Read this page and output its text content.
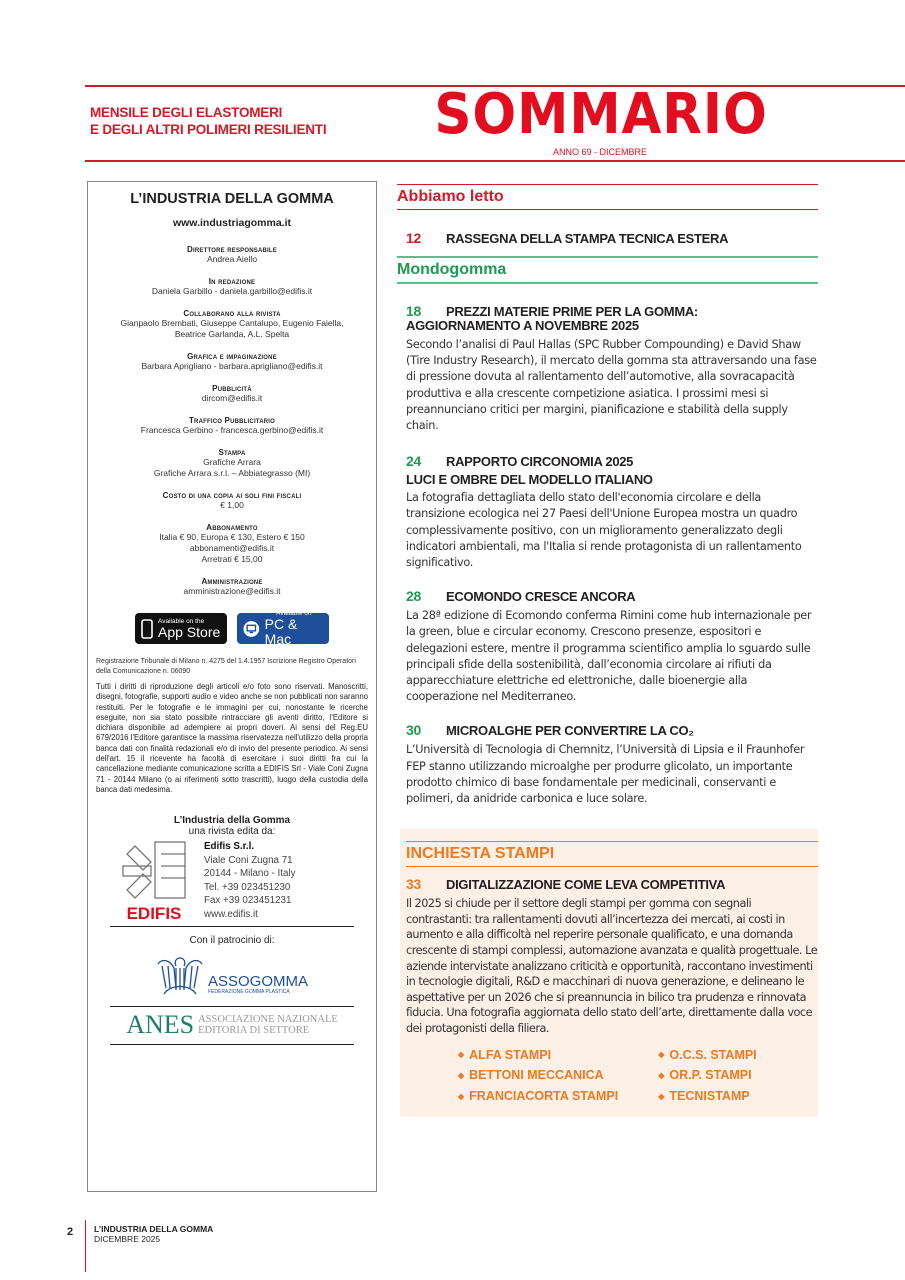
MENSILE DEGLI ELASTOMERI
E DEGLI ALTRI POLIMERI RESILIENTI SOMMARIO
ANNO 69 - DICEMBRE
L’INDUSTRIA DELLA GOMMA
www.industriagomma.it
Direttore responsabile
Andrea Aiello
In redazione
Daniela Garbillo - daniela.garbillo@edifis.it
Collaborano alla rivista
Gianpaolo Brembati, Giuseppe Cantalupo, Eugenio Faiella,
Beatrice Garlanda, A.L. Spelta
Grafica e impaginazione
Barbara Aprigliano - barbara.aprigliano@edifis.it
Pubblicità
dircom@edifis.it
Traffico Pubblicitario
Francesca Gerbino - francesca.gerbino@edifis.it
Stampa
Grafiche Arrara
Grafiche Arrara s.r.l. – Abbiategrasso (MI)
Costo di una copia ai soli fini fiscali
€ 1,00
Abbonamento
Italia € 90, Europa € 130, Estero € 150
abbonamenti@edifis.it
Arretrati € 15,00
Amministrazione
amministrazione@edifis.it
Available on the
App Store
Available on
PC & Mac
Registrazione Tribunale di Milano n. 4275 del 1.4.1957 Iscrizione Registro Operatori della Comunicazione n. 06090
Tutti i diritti di riproduzione degli articoli e/o foto sono riservati. Manoscritti, disegni, fotografie, supporti audio e video anche se non pubblicati non saranno restituiti. Per le fotografie e le immagini per cui, nonostante le ricerche eseguite, non sia stato possibile rintracciare gli aventi diritto, l’Editore si dichiara disponibile ad adempiere ai propri doveri. Ai sensi del Reg.EU 679/2016 l'Editore garantisce la massima riservatezza nell'utilizzo della propria banca dati con finalità redazionali e/o di invio del presente periodico. Ai sensi dell'art. 15 il ricevente ha facoltà di esercitare i suoi diritti fra cui la cancellazione mediante comunicazione scritta a EDIFIS Srl - Viale Coni Zugna 71 - 20144 Milano (o ai riferimenti sotto trascritti), luogo della custodia della banca dati medesima.
L’Industria della Gomma
una rivista edita da:
EDIFIS
Edifis S.r.l.
Viale Coni Zugna 71
20144 - Milano - Italy
Tel. +39 023451230
Fax +39 023451231
www.edifis.it
Con il patrocinio di:
ASSOGOMMA
FEDERAZIONE GOMMA PLASTICA
ANES ASSOCIAZIONE NAZIONALE
EDITORIA DI SETTORE
Abbiamo letto
12 RASSEGNA DELLA STAMPA TECNICA ESTERA
Mondogomma
18 PREZZI MATERIE PRIME PER LA GOMMA:
AGGIORNAMENTO A NOVEMBRE 2025
Secondo l’analisi di Paul Hallas (SPC Rubber Compounding) e David Shaw (Tire Industry Research), il mercato della gomma sta attraversando una fase di pressione dovuta al rallentamento dell’automotive, alla sovracapacità produttiva e alla crescente competizione asiatica. I prossimi mesi si preannunciano critici per margini, pianificazione e stabilità della supply chain.
24 RAPPORTO CIRCONOMIA 2025
LUCI E OMBRE DEL MODELLO ITALIANO
La fotografia dettagliata dello stato dell'economia circolare e della transizione ecologica nei 27 Paesi dell'Unione Europea mostra un quadro complessivamente positivo, con un miglioramento generalizzato degli indicatori ambientali, ma l'Italia si rende protagonista di un rallentamento significativo.
28 ECOMONDO CRESCE ANCORA
La 28ª edizione di Ecomondo conferma Rimini come hub internazionale per la green, blue e circular economy. Crescono presenze, espositori e delegazioni estere, mentre il programma scientifico amplia lo sguardo sulle principali sfide della sostenibilità, dall’economia circolare ai rifiuti da apparecchiature elettriche ed elettroniche, dalle bioenergie alla cooperazione nel Mediterraneo.
30 MICROALGHE PER CONVERTIRE LA CO₂
L’Università di Tecnologia di Chemnitz, l’Università di Lipsia e il Fraunhofer FEP stanno utilizzando microalghe per produrre glicolato, un importante prodotto chimico di base fondamentale per medicinali, conservanti e polimeri, da anidride carbonica e luce solare.
INCHIESTA STAMPI
33 DIGITALIZZAZIONE COME LEVA COMPETITIVA
Il 2025 si chiude per il settore degli stampi per gomma con segnali contrastanti: tra rallentamenti dovuti all’incertezza dei mercati, ai costi in aumento e alla difficoltà nel reperire personale qualificato, e una domanda crescente di stampi complessi, automazione avanzata e qualità progettuale. Le aziende intervistate analizzano criticità e opportunità, raccontano investimenti in tecnologie digitali, R&D e macchinari di nuova generazione, e delineano le aspettative per un 2026 che si preannuncia in bilico tra prudenza e rinnovata fiducia. Una fotografia aggiornata dello stato dell’arte, direttamente dalla voce dei protagonisti della filiera.
◆ ALFA STAMPI
◆ BETTONI MECCANICA
◆ FRANCIACORTA STAMPI
◆ O.C.S. STAMPI
◆ OR.P. STAMPI
◆ TECNISTAMP
2 L’INDUSTRIA DELLA GOMMA
DICEMBRE 2025
